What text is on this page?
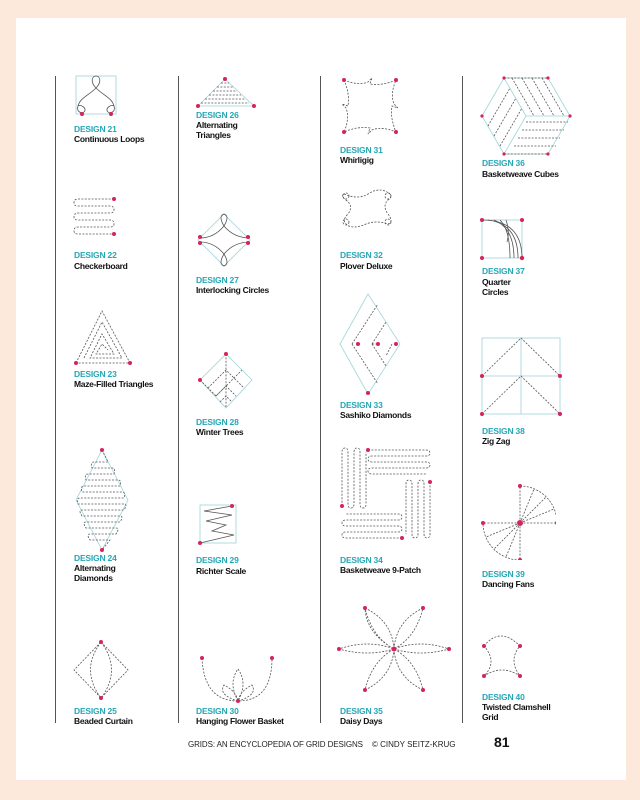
DESIGN 21
Continuous Loops
DESIGN 22
Checkerboard
DESIGN 23
Maze-Filled Triangles
DESIGN 24
Alternating Diamonds
DESIGN 25
Beaded Curtain
DESIGN 26
Alternating Triangles
DESIGN 27
Interlocking Circles
DESIGN 28
Winter Trees
DESIGN 29
Richter Scale
DESIGN 30
Hanging Flower Basket
DESIGN 31
Whirligig
DESIGN 32
Plover Deluxe
DESIGN 33
Sashiko Diamonds
DESIGN 34
Basketweave 9-Patch
DESIGN 35
Daisy Days
DESIGN 36
Basketweave Cubes
DESIGN 37
Quarter Circles
DESIGN 38
Zig Zag
DESIGN 39
Dancing Fans
DESIGN 40
Twisted Clamshell Grid
GRIDS: AN ENCYCLOPEDIA OF GRID DESIGNS © CINDY SEITZ-KRUG	81
